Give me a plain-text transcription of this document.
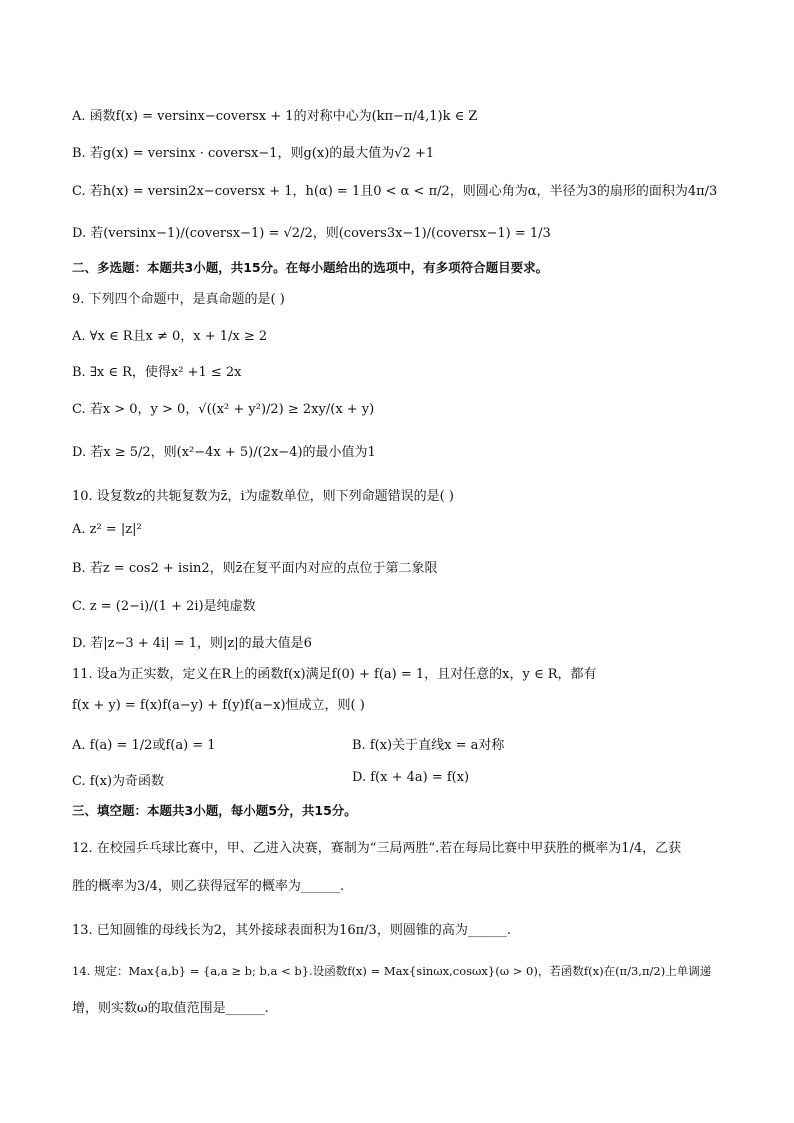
A. 函数f(x) = versinx−coversx + 1的对称中心为(kπ−π/4,1)k ∈ Z
B. 若g(x) = versinx · coversx−1，则g(x)的最大值为√2 +1
C. 若h(x) = versin2x−coversx + 1，h(α) = 1且0 < α < π/2，则圆心角为α，半径为3的扇形的面积为4π/3
D. 若(versinx−1)/(coversx−1) = √2/2，则(covers3x−1)/(coversx−1) = 1/3
二、多选题：本题共3小题，共15分。在每小题给出的选项中，有多项符合题目要求。
9. 下列四个命题中，是真命题的是( )
A. ∀x ∈ R且x ≠ 0，x + 1/x ≥ 2
B. ∃x ∈ R，使得x² +1 ≤ 2x
C. 若x > 0，y > 0，√((x² + y²)/2) ≥ 2xy/(x + y)
D. 若x ≥ 5/2，则(x²−4x + 5)/(2x−4)的最小值为1
10. 设复数z的共轭复数为z̄，i为虚数单位，则下列命题错误的是( )
A. z² = |z|²
B. 若z = cos2 + isin2，则z̄在复平面内对应的点位于第二象限
C. z = (2−i)/(1 + 2i)是纯虚数
D. 若|z−3 + 4i| = 1，则|z|的最大值是6
11. 设a为正实数，定义在R上的函数f(x)满足f(0) + f(a) = 1，且对任意的x，y ∈ R，都有
f(x + y) = f(x)f(a−y) + f(y)f(a−x)恒成立，则( )
A. f(a) = 1/2或f(a) = 1	B. f(x)关于直线x = a对称
C. f(x)为奇函数	D. f(x + 4a) = f(x)
三、填空题：本题共3小题，每小题5分，共15分。
12. 在校园乒乓球比赛中，甲、乙进入决赛，赛制为“三局两胜”.若在每局比赛中甲获胜的概率为1/4，乙获
胜的概率为3/4，则乙获得冠军的概率为______.
13. 已知圆锥的母线长为2，其外接球表面积为16π/3，则圆锥的高为______.
14. 规定：Max{a,b} = {a,a ≥ b; b,a < b}.设函数f(x) = Max{sinωx,cosωx}(ω > 0)，若函数f(x)在(π/3,π/2)上单调递
增，则实数ω的取值范围是______.
